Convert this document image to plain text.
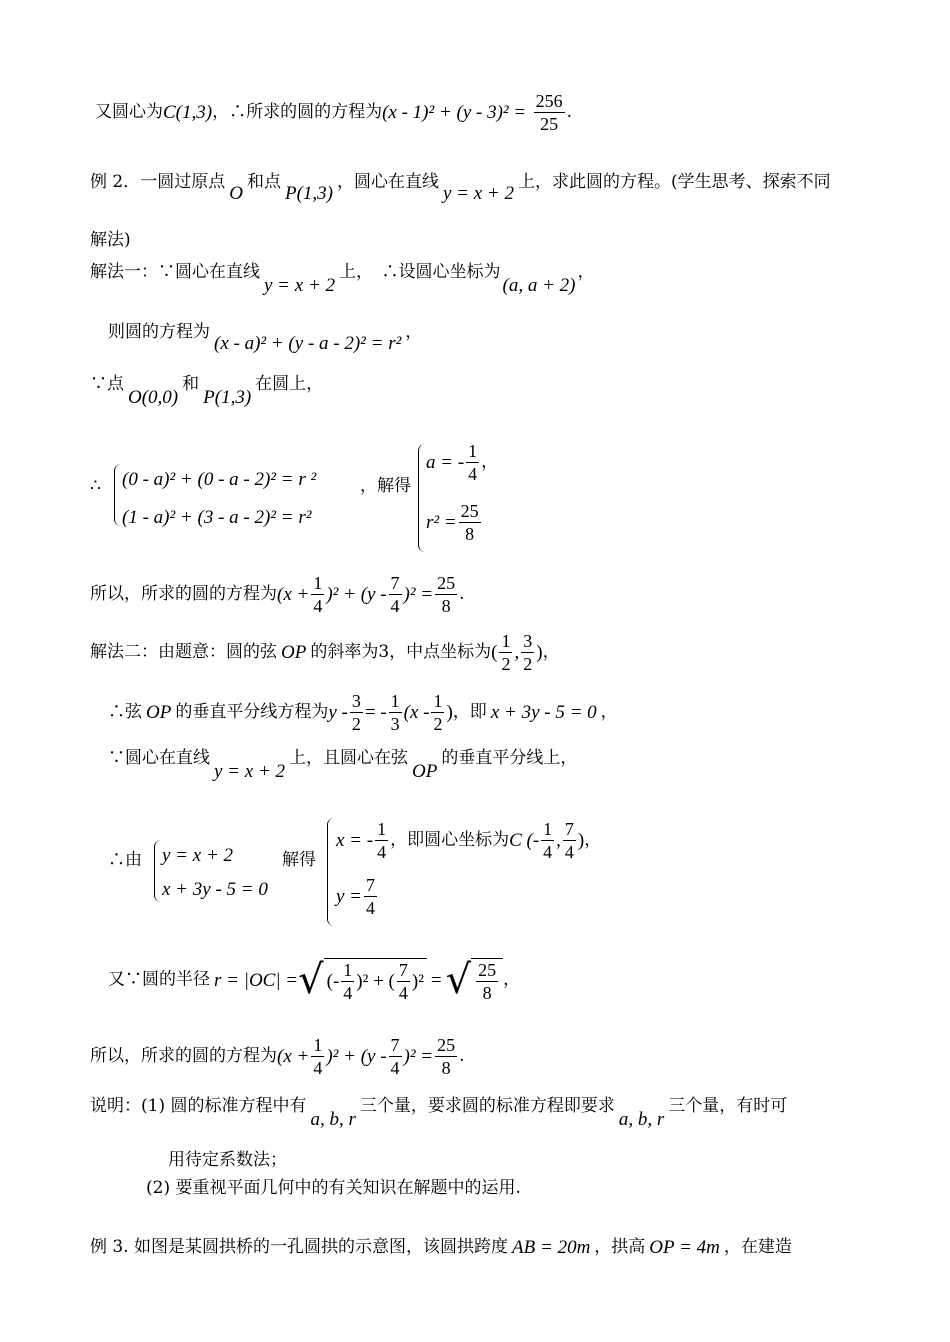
又圆心为C(1,3)，∴所求的圆的方程为$(x - 1)^2 + (y - 3)^2 = \frac{256}{25}$ .
例 2．一圆过原点O和点P(1,3)，圆心在直线y = x + 2上，求此圆的方程。(学生思考、探索不同
解法)
解法一：∵圆心在直线y = x + 2上，　∴设圆心坐标为(a, a + 2)，
则圆的方程为(x - a)² + (y - a - 2)² = r²，
∵点O(0,0)和P(1,3)在圆上，
∴ (0 - a)² + (0 - a - 2)² = r ²
(1 - a)² + (3 - a - 2)² = r²
，解得
a = - $\frac{1}{4}$ ，
$r^2 = \frac{25}{8}$
所以，所求的圆的方程为$(x + \frac{1}{4} )^2 + (y - \frac{7}{4} )^2 = \frac{25}{8}$ .
解法二：由题意：圆的弦 OP 的斜率为3，中点坐标为( $\frac{1}{2}$ , $\frac{3}{2}$ )，
∴弦 OP 的垂直平分线方程为y - $\frac{3}{2}$ = - $\frac{1}{3} (x - \frac{1}{2}$ )，即 x + 3y - 5 = 0 ，
∵圆心在直线y = x + 2上，且圆心在弦OP的垂直平分线上，
∴由 y = x + 2
x + 3y - 5 = 0
解得
x = - $\frac{1}{4}$ ，即圆心坐标为C (- $\frac{1}{4}$ , $\frac{7}{4}$ )，
$y = \frac{7}{4}$
又∵圆的半径 r = |OC| =√ (- $\frac{1}{4} )^2$ + ( $\frac{7}{4} )^2$ = √ $\frac{25}{8}$ ，
所以，所求的圆的方程为$(x + \frac{1}{4} )^2 + (y - \frac{7}{4} )^2 = \frac{25}{8}$ .
说明：(1) 圆的标准方程中有a, b, r三个量，要求圆的标准方程即要求a, b, r三个量，有时可
用待定系数法；
(2) 要重视平面几何中的有关知识在解题中的运用.
例 3. 如图是某圆拱桥的一孔圆拱的示意图，该圆拱跨度 AB = 20m ，拱高 OP = 4m ，在建造
